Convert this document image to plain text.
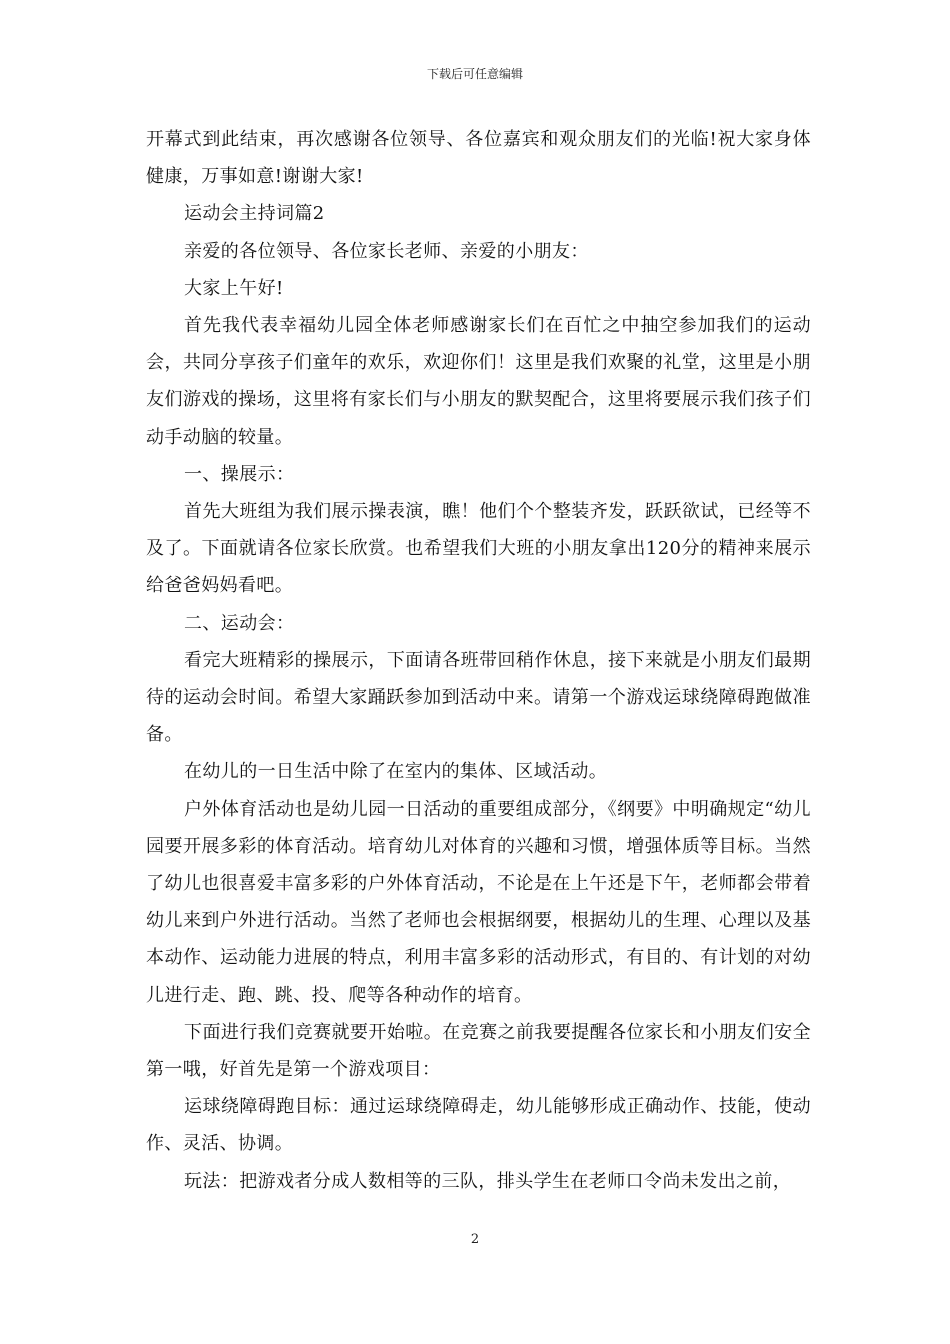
下载后可任意编辑

开幕式到此结束，再次感谢各位领导、各位嘉宾和观众朋友们的光临!祝大家身体健康，万事如意!谢谢大家!

运动会主持词篇2

亲爱的各位领导、各位家长老师、亲爱的小朋友：

大家上午好!

首先我代表幸福幼儿园全体老师感谢家长们在百忙之中抽空参加我们的运动会，共同分享孩子们童年的欢乐，欢迎你们！这里是我们欢聚的礼堂，这里是小朋友们游戏的操场，这里将有家长们与小朋友的默契配合，这里将要展示我们孩子们动手动脑的较量。

一、操展示：

首先大班组为我们展示操表演，瞧！他们个个整装齐发，跃跃欲试，已经等不及了。下面就请各位家长欣赏。也希望我们大班的小朋友拿出120分的精神来展示给爸爸妈妈看吧。

二、运动会：

看完大班精彩的操展示，下面请各班带回稍作休息，接下来就是小朋友们最期待的运动会时间。希望大家踊跃参加到活动中来。请第一个游戏运球绕障碍跑做准备。

在幼儿的一日生活中除了在室内的集体、区域活动。

户外体育活动也是幼儿园一日活动的重要组成部分，《纲要》中明确规定“幼儿园要开展多彩的体育活动。培育幼儿对体育的兴趣和习惯，增强体质等目标。当然了幼儿也很喜爱丰富多彩的户外体育活动，不论是在上午还是下午，老师都会带着幼儿来到户外进行活动。当然了老师也会根据纲要，根据幼儿的生理、心理以及基本动作、运动能力进展的特点，利用丰富多彩的活动形式，有目的、有计划的对幼儿进行走、跑、跳、投、爬等各种动作的培育。

下面进行我们竞赛就要开始啦。在竞赛之前我要提醒各位家长和小朋友们安全第一哦，好首先是第一个游戏项目：

运球绕障碍跑目标：通过运球绕障碍走，幼儿能够形成正确动作、技能，使动作、灵活、协调。

玩法：把游戏者分成人数相等的三队，排头学生在老师口令尚未发出之前，

2
